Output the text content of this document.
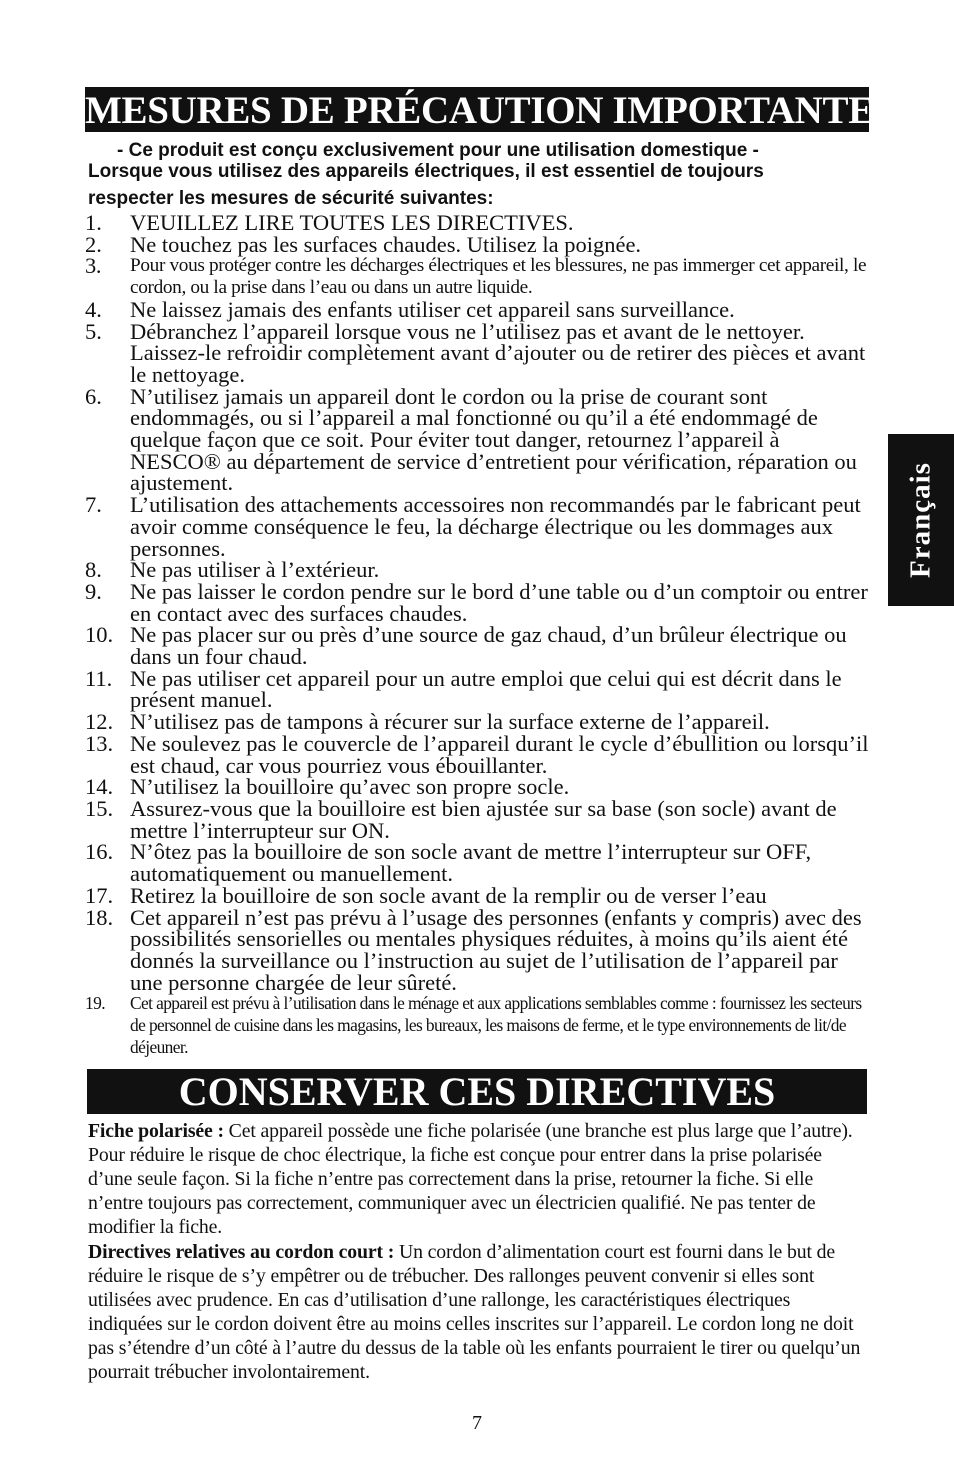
MESURES DE PRÉCAUTION IMPORTANTES
- Ce produit est conçu exclusivement pour une utilisation domestique -
Lorsque vous utilisez des appareils électriques, il est essentiel de toujours
respecter les mesures de sécurité suivantes:
1.	VEUILLEZ LIRE TOUTES LES DIRECTIVES.
2.	Ne touchez pas les surfaces chaudes. Utilisez la poignée.
3.	Pour vous protéger contre les décharges électriques et les blessures, ne pas immerger cet appareil, le cordon, ou la prise dans l’eau ou dans un autre liquide.
4.	Ne laissez jamais des enfants utiliser cet appareil sans surveillance.
5.	Débranchez l’appareil lorsque vous ne l’utilisez pas et avant de le nettoyer. Laissez-le refroidir complètement avant d’ajouter ou de retirer des pièces et avant le nettoyage.
6.	N’utilisez jamais un appareil dont le cordon ou la prise de courant sont endommagés, ou si l’appareil a mal fonctionné ou qu’il a été endommagé de quelque façon que ce soit. Pour éviter tout danger, retournez l’appareil à NESCO® au département de service d’entretient pour vérification, réparation ou ajustement.
7.	L’utilisation des attachements accessoires non recommandés par le fabricant peut avoir comme conséquence le feu, la décharge électrique ou les dommages aux personnes.
8.	Ne pas utiliser à l’extérieur.
9.	Ne pas laisser le cordon pendre sur le bord d’une table ou d’un comptoir ou entrer en contact avec des surfaces chaudes.
10. Ne pas placer sur ou près d’une source de gaz chaud, d’un brûleur électrique ou dans un four chaud.
11. Ne pas utiliser cet appareil pour un autre emploi que celui qui est décrit dans le présent manuel.
12. N’utilisez pas de tampons à récurer sur la surface externe de l’appareil.
13. Ne soulevez pas le couvercle de l’appareil durant le cycle d’ébullition ou lorsqu’il est chaud, car vous pourriez vous ébouillanter.
14. N’utilisez la bouilloire qu’avec son propre socle.
15. Assurez-vous que la bouilloire est bien ajustée sur sa base (son socle) avant de mettre l’interrupteur sur ON.
16. N’ôtez pas la bouilloire de son socle avant de mettre l’interrupteur sur OFF, automatiquement ou manuellement.
17. Retirez la bouilloire de son socle avant de la remplir ou de verser l’eau
18. Cet appareil n’est pas prévu à l’usage des personnes (enfants y compris) avec des possibilités sensorielles ou mentales physiques réduites, à moins qu’ils aient été donnés la surveillance ou l’instruction au sujet de l’utilisation de l’appareil par une personne chargée de leur sûreté.
19.	Cet appareil est prévu à l’utilisation dans le ménage et aux applications semblables comme : fournissez les secteurs de personnel de cuisine dans les magasins, les bureaux, les maisons de ferme, et le type environnements de lit/de déjeuner.
CONSERVER CES DIRECTIVES
Fiche polarisée : Cet appareil possède une fiche polarisée (une branche est plus large que l’autre). Pour réduire le risque de choc électrique, la fiche est conçue pour entrer dans la prise polarisée d’une seule façon. Si la fiche n’entre pas correctement dans la prise, retourner la fiche. Si elle n’entre toujours pas correctement, communiquer avec un électricien qualifié. Ne pas tenter de modifier la fiche.
Directives relatives au cordon court : Un cordon d’alimentation court est fourni dans le but de réduire le risque de s’y empêtrer ou de trébucher. Des rallonges peuvent convenir si elles sont utilisées avec prudence. En cas d’utilisation d’une rallonge, les caractéristiques électriques indiquées sur le cordon doivent être au moins celles inscrites sur l’appareil. Le cordon long ne doit pas s’étendre d’un côté à l’autre du dessus de la table où les enfants pourraient le tirer ou quelqu’un pourrait trébucher involontairement.
Français
7
